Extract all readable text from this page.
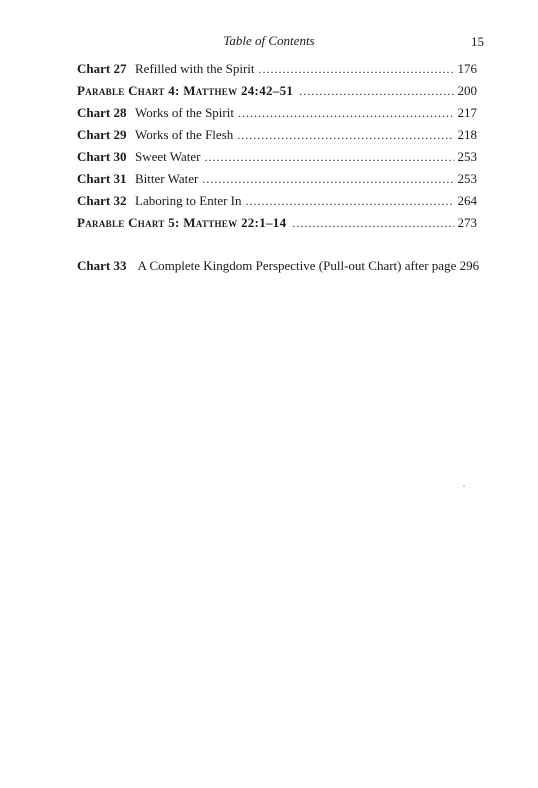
Table of Contents	15
Chart 27 Refilled with the Spirit .....	176
Parable Chart 4: Matthew 24:42–51 .....	200
Chart 28 Works of the Spirit .....	217
Chart 29 Works of the Flesh .....	218
Chart 30 Sweet Water .....	253
Chart 31 Bitter Water .....	253
Chart 32 Laboring to Enter In .....	264
Parable Chart 5: Matthew 22:1–14 .....	273
Chart 33 A Complete Kingdom Perspective (Pull-out Chart) after page 296
